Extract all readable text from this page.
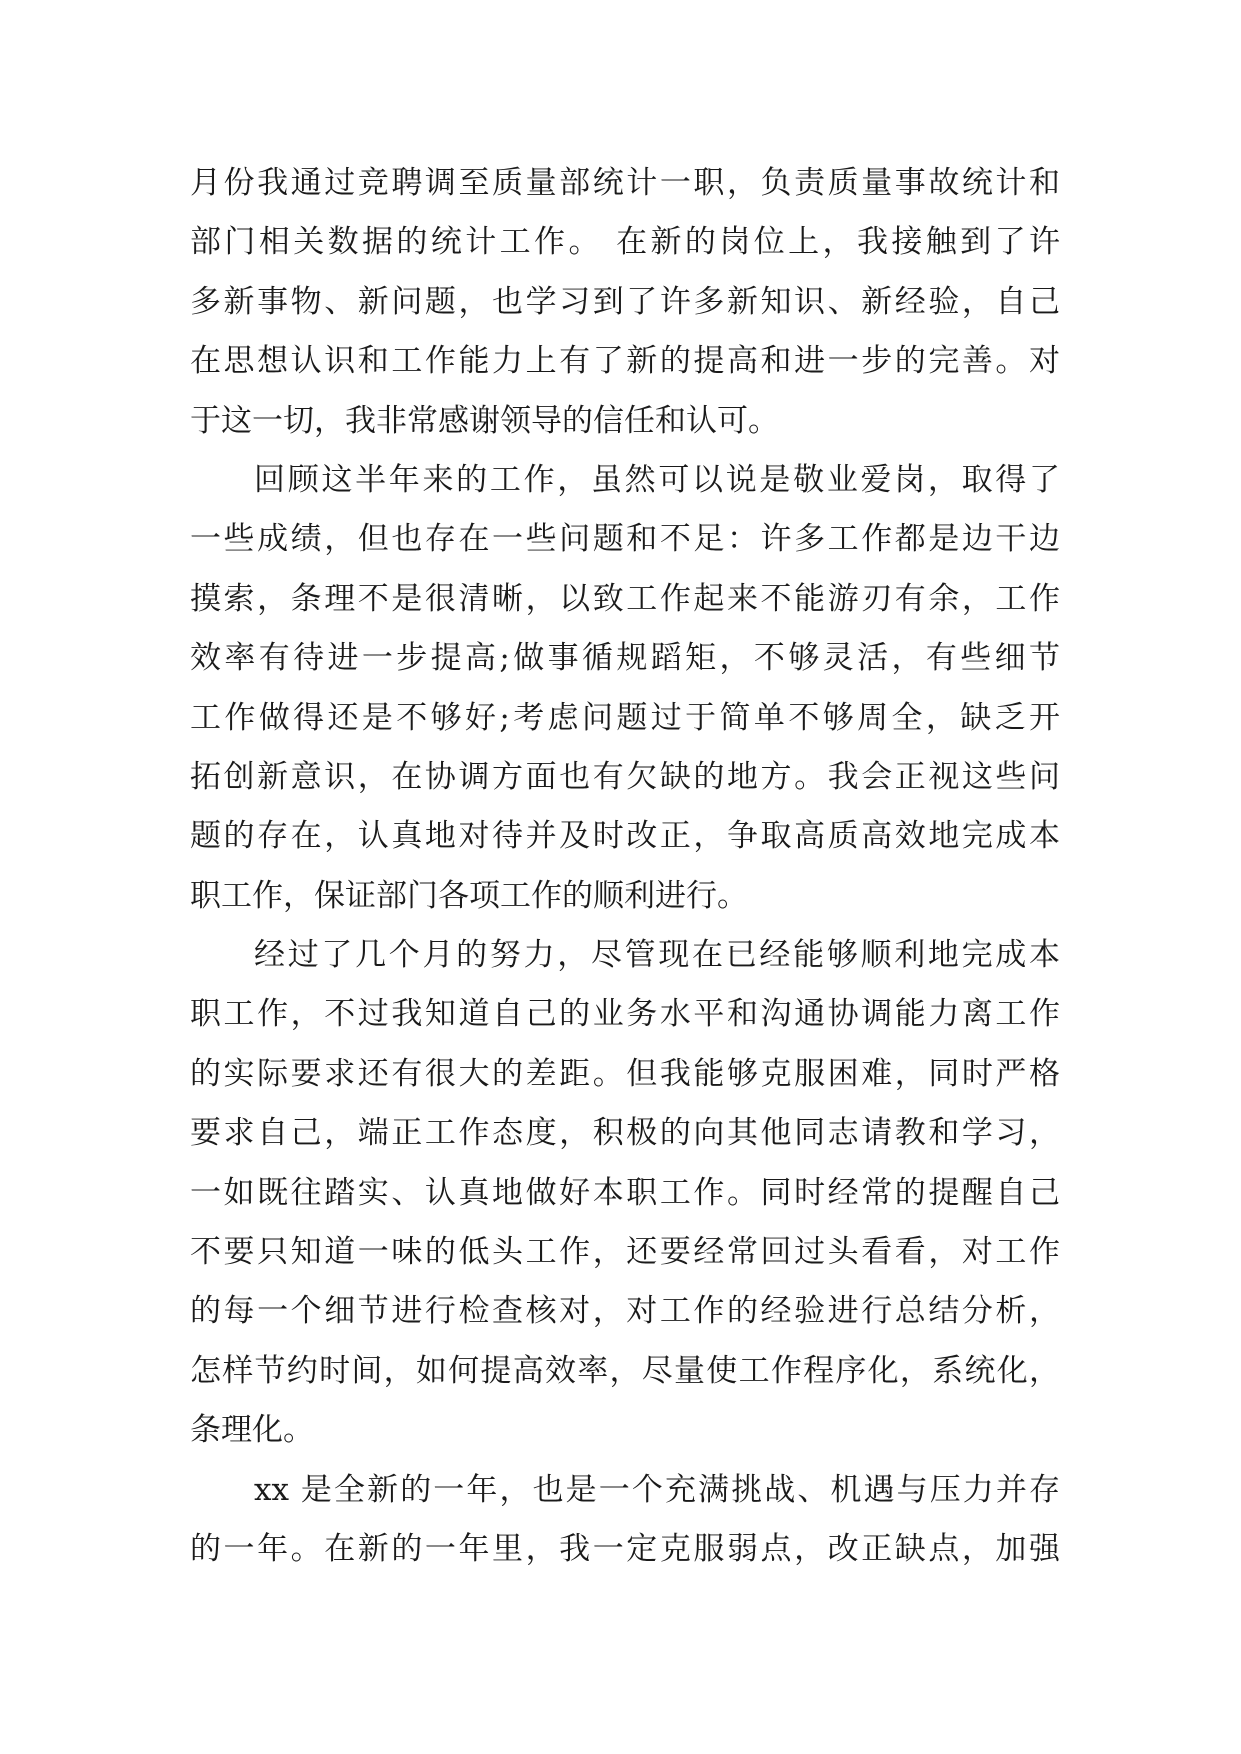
月份我通过竞聘调至质量部统计一职，负责质量事故统计和
部门相关数据的统计工作。 在新的岗位上，我接触到了许
多新事物、新问题，也学习到了许多新知识、新经验，自己
在思想认识和工作能力上有了新的提高和进一步的完善。对
于这一切，我非常感谢领导的信任和认可。
回顾这半年来的工作，虽然可以说是敬业爱岗，取得了
一些成绩，但也存在一些问题和不足：许多工作都是边干边
摸索，条理不是很清晰，以致工作起来不能游刃有余，工作
效率有待进一步提高;做事循规蹈矩，不够灵活，有些细节
工作做得还是不够好;考虑问题过于简单不够周全，缺乏开
拓创新意识，在协调方面也有欠缺的地方。我会正视这些问
题的存在，认真地对待并及时改正，争取高质高效地完成本
职工作，保证部门各项工作的顺利进行。
经过了几个月的努力，尽管现在已经能够顺利地完成本
职工作，不过我知道自己的业务水平和沟通协调能力离工作
的实际要求还有很大的差距。但我能够克服困难，同时严格
要求自己，端正工作态度，积极的向其他同志请教和学习，
一如既往踏实、认真地做好本职工作。同时经常的提醒自己
不要只知道一味的低头工作，还要经常回过头看看，对工作
的每一个细节进行检查核对，对工作的经验进行总结分析，
怎样节约时间，如何提高效率，尽量使工作程序化，系统化，
条理化。
xx 是全新的一年，也是一个充满挑战、机遇与压力并存
的一年。在新的一年里，我一定克服弱点，改正缺点，加强
